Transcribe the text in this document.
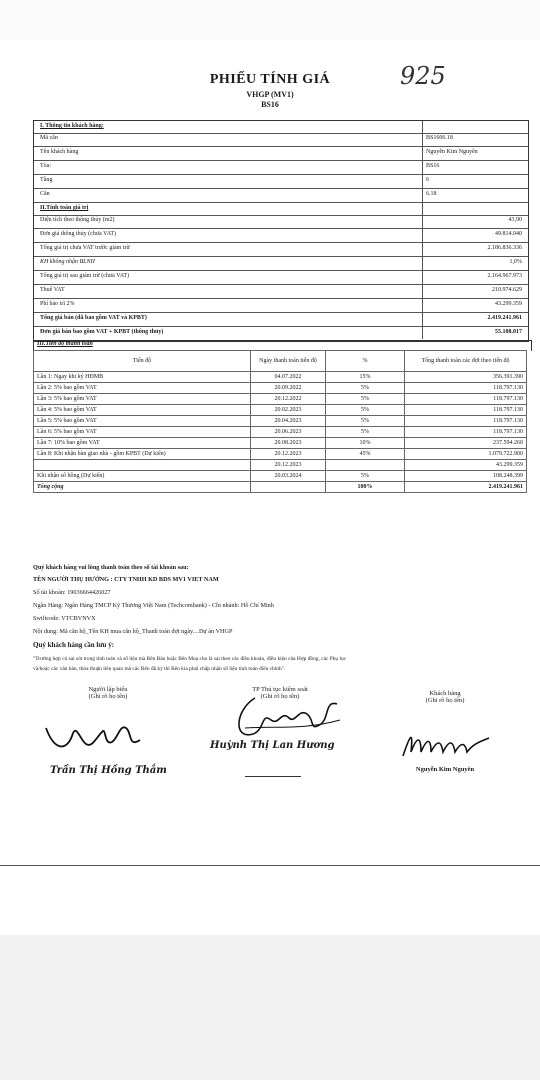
PHIẾU TÍNH GIÁ
VHGP (MV1)
BS16
925
I. Thông tin khách hàng:
Mã căn	BS1606.18
Tên khách hàng	Nguyễn Kim Nguyên
Tòa:	BS16
Tầng	6
Căn	6.18
II.Tính toán giá trị
Diện tích theo thông thủy (m2)	43,90
Đơn giá thông thủy (chưa VAT)	49.814.040
Tổng giá trị chưa VAT trước giảm trừ	2.186.836.336
KH không nhận BLNH	1,0%
Tổng giá trị sau giảm trừ (chưa VAT)	2.164.967.973
Thuế VAT	210.974.629
Phí bảo trì 2%	43.299.359
Tổng giá bán (đã bao gồm VAT và KPBT)	2.419.241.961
Đơn giá bán bao gồm VAT + KPBT (thông thủy)	55.108.017
III.Tiến độ thanh toán
Tiến độ	Ngày thanh toán tiến độ	%	Tổng thanh toán các đợt theo tiến độ
Lần 1: Ngay khi ký HĐMB	04.07.2022	15%	356.391.390
Lần 2: 5% bao gồm VAT	20.09.2022	5%	118.797.130
Lần 3: 5% bao gồm VAT	20.12.2022	5%	118.797.130
Lần 4: 5% bao gồm VAT	20.02.2023	5%	118.797.130
Lần 5: 5% bao gồm VAT	20.04.2023	5%	118.797.130
Lần 6: 5% bao gồm VAT	20.06.2023	5%	118.797.130
Lần 7: 10% bao gồm VAT	20.08.2023	10%	237.594.260
Lần 8: Khi nhận bàn giao nhà - gồm KPBT (Dự kiến)	20.12.2023	45%	1.079.722.900
	20.12.2023		43.299.359
Khi nhận sổ hồng (Dự kiến)	20.03.2024	5%	108.248.399
Tổng cộng		100%	2.419.241.961
Quý khách hàng vui lòng thanh toán theo số tài khoản sau:
TÊN NGƯỜI THỤ HƯỞNG : CTY TNHH KD BDS MV1 VIET NAM
Số tài khoản: 19036664426027
Ngân Hàng: Ngân Hàng TMCP Kỹ Thương Việt Nam (Techcombank) - Chi nhánh: Hồ Chí Minh
Swiftcode: VTCBVNVX
Nội dung: Mã căn hộ_Tên KH mua căn hộ_Thanh toán đợt ngày....Dự án VHGP
Quý khách hàng cần lưu ý:
"Trường hợp có sai sót trong tính toán và số liệu mà Bên Bán hoặc Bên Mua cho là sai theo các điều khoản, điều kiện của Hợp đồng, các Phụ lục
và/hoặc các văn bản, thỏa thuận liên quan mà các Bên đã ký thì Bên kia phải chấp nhận số liệu tính toán điều chỉnh".
Người lập biểu
(Ghi rõ họ tên)
Trần Thị Hồng Thắm
TP Thủ tục kiểm soát
(Ghi rõ họ tên)
Huỳnh Thị Lan Hương
Khách hàng
(Ghi rõ họ tên)
Nguyễn Kim Nguyên
